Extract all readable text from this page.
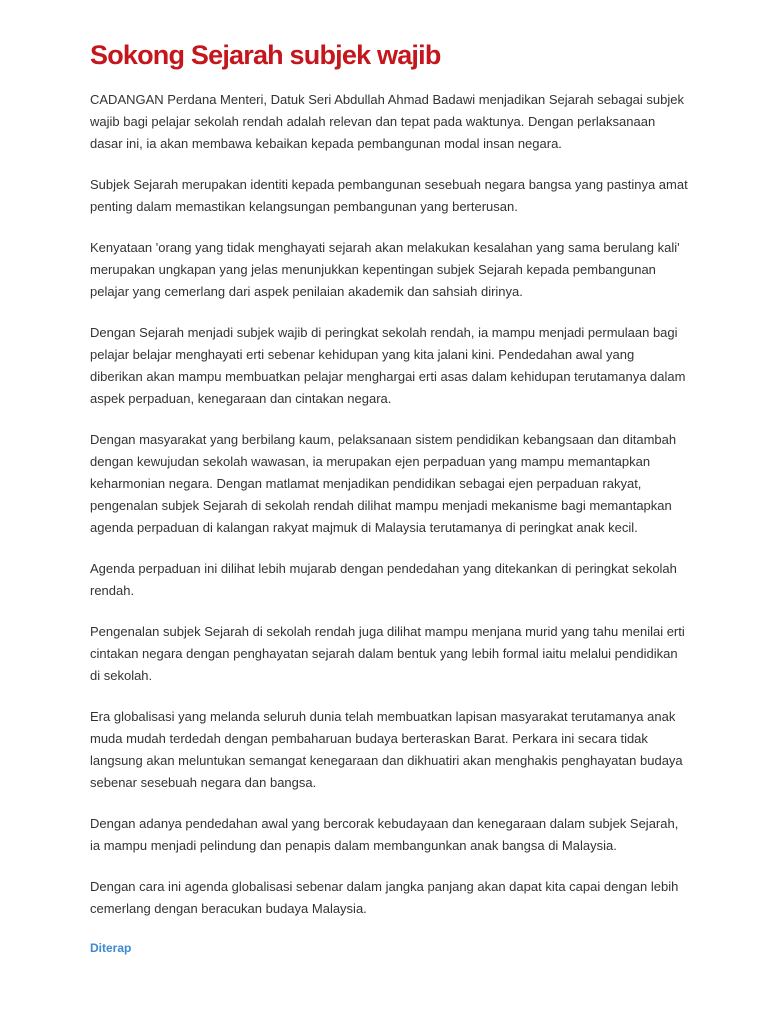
Sokong Sejarah subjek wajib

CADANGAN Perdana Menteri, Datuk Seri Abdullah Ahmad Badawi menjadikan Sejarah sebagai subjek wajib bagi pelajar sekolah rendah adalah relevan dan tepat pada waktunya. Dengan perlaksanaan dasar ini, ia akan membawa kebaikan kepada pembangunan modal insan negara.

Subjek Sejarah merupakan identiti kepada pembangunan sesebuah negara bangsa yang pastinya amat penting dalam memastikan kelangsungan pembangunan yang berterusan.

Kenyataan 'orang yang tidak menghayati sejarah akan melakukan kesalahan yang sama berulang kali' merupakan ungkapan yang jelas menunjukkan kepentingan subjek Sejarah kepada pembangunan pelajar yang cemerlang dari aspek penilaian akademik dan sahsiah dirinya.

Dengan Sejarah menjadi subjek wajib di peringkat sekolah rendah, ia mampu menjadi permulaan bagi pelajar belajar menghayati erti sebenar kehidupan yang kita jalani kini. Pendedahan awal yang diberikan akan mampu membuatkan pelajar menghargai erti asas dalam kehidupan terutamanya dalam aspek perpaduan, kenegaraan dan cintakan negara.

Dengan masyarakat yang berbilang kaum, pelaksanaan sistem pendidikan kebangsaan dan ditambah dengan kewujudan sekolah wawasan, ia merupakan ejen perpaduan yang mampu memantapkan keharmonian negara. Dengan matlamat menjadikan pendidikan sebagai ejen perpaduan rakyat, pengenalan subjek Sejarah di sekolah rendah dilihat mampu menjadi mekanisme bagi memantapkan agenda perpaduan di kalangan rakyat majmuk di Malaysia terutamanya di peringkat anak kecil.

Agenda perpaduan ini dilihat lebih mujarab dengan pendedahan yang ditekankan di peringkat sekolah rendah.

Pengenalan subjek Sejarah di sekolah rendah juga dilihat mampu menjana murid yang tahu menilai erti cintakan negara dengan penghayatan sejarah dalam bentuk yang lebih formal iaitu melalui pendidikan di sekolah.

Era globalisasi yang melanda seluruh dunia telah membuatkan lapisan masyarakat terutamanya anak muda mudah terdedah dengan pembaharuan budaya berteraskan Barat. Perkara ini secara tidak langsung akan meluntukan semangat kenegaraan dan dikhuatiri akan menghakis penghayatan budaya sebenar sesebuah negara dan bangsa.

Dengan adanya pendedahan awal yang bercorak kebudayaan dan kenegaraan dalam subjek Sejarah, ia mampu menjadi pelindung dan penapis dalam membangunkan anak bangsa di Malaysia.

Dengan cara ini agenda globalisasi sebenar dalam jangka panjang akan dapat kita capai dengan lebih cemerlang dengan beracukan budaya Malaysia.

Diterap
